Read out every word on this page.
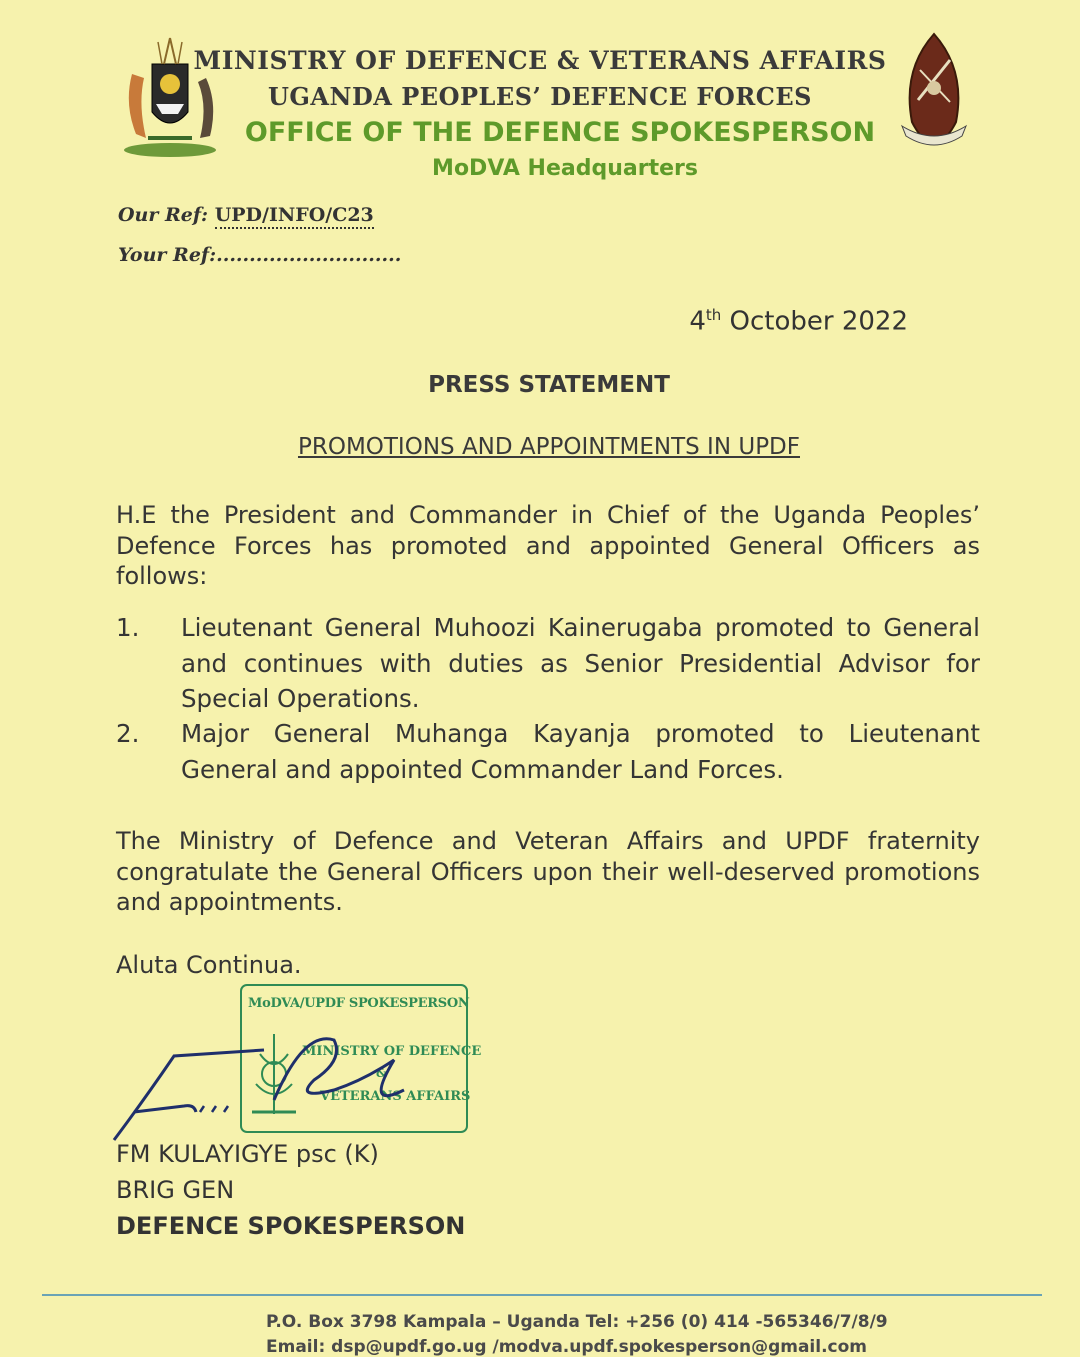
MINISTRY OF DEFENCE & VETERANS AFFAIRS
UGANDA PEOPLES’ DEFENCE FORCES
OFFICE OF THE DEFENCE SPOKESPERSON
MoDVA Headquarters
Our Ref: UPD/INFO/C23
Your Ref:............................
4th October 2022
PRESS STATEMENT
PROMOTIONS AND APPOINTMENTS IN UPDF
H.E the President and Commander in Chief of the Uganda Peoples’ Defence Forces has promoted and appointed General Officers as follows:
1. Lieutenant General Muhoozi Kainerugaba promoted to General and continues with duties as Senior Presidential Advisor for Special Operations.
2. Major General Muhanga Kayanja promoted to Lieutenant General and appointed Commander Land Forces.
The Ministry of Defence and Veteran Affairs and UPDF fraternity congratulate the General Officers upon their well-deserved promotions and appointments.
Aluta Continua.
MoDVA/UPDF SPOKESPERSON
MINISTRY OF DEFENCE
&
VETERANS AFFAIRS
FM KULAYIGYE psc (K)
BRIG GEN
DEFENCE SPOKESPERSON
P.O. Box 3798 Kampala – Uganda Tel: +256 (0) 414 -565346/7/8/9
Email: dsp@updf.go.ug /modva.updf.spokesperson@gmail.com
